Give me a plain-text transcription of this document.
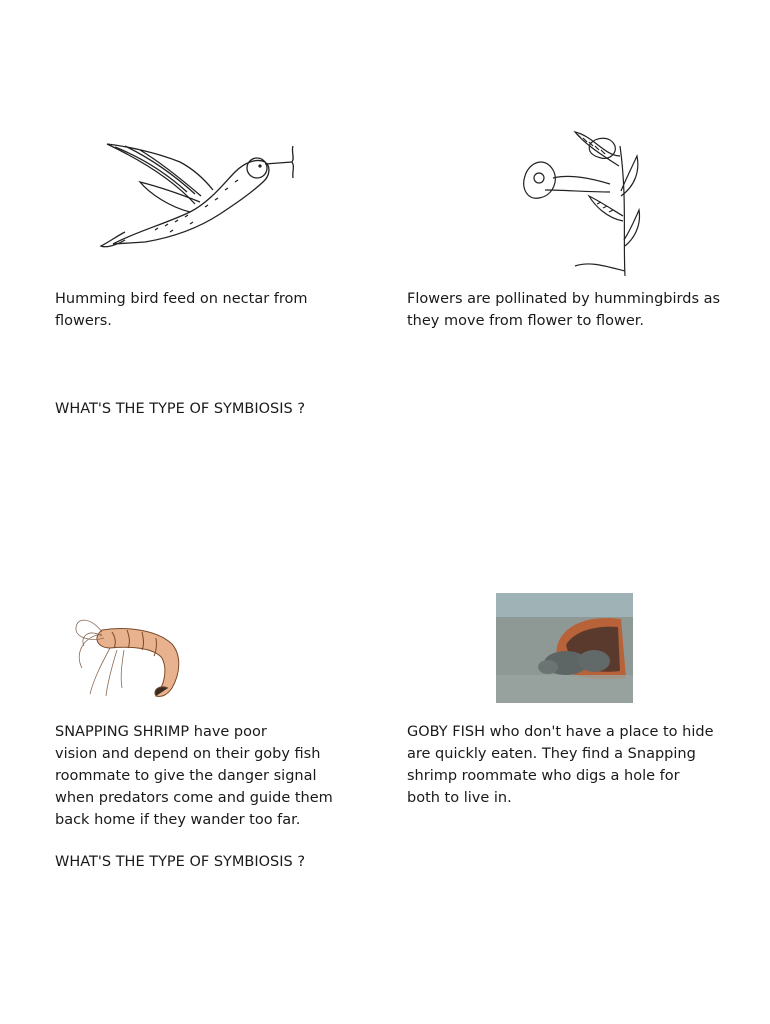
Humming bird feed on nectar from
flowers.
Flowers are pollinated by hummingbirds as
they move from flower to flower.
WHAT'S THE TYPE OF SYMBIOSIS ?
SNAPPING SHRIMP have poor
vision and depend on their goby fish
roommate to give the danger signal
when predators come and guide them
back home if they wander too far.
GOBY FISH who don't have a place to hide
are quickly eaten. They find a Snapping
shrimp roommate who digs a hole for
both to live in.
WHAT'S THE TYPE OF SYMBIOSIS ?
